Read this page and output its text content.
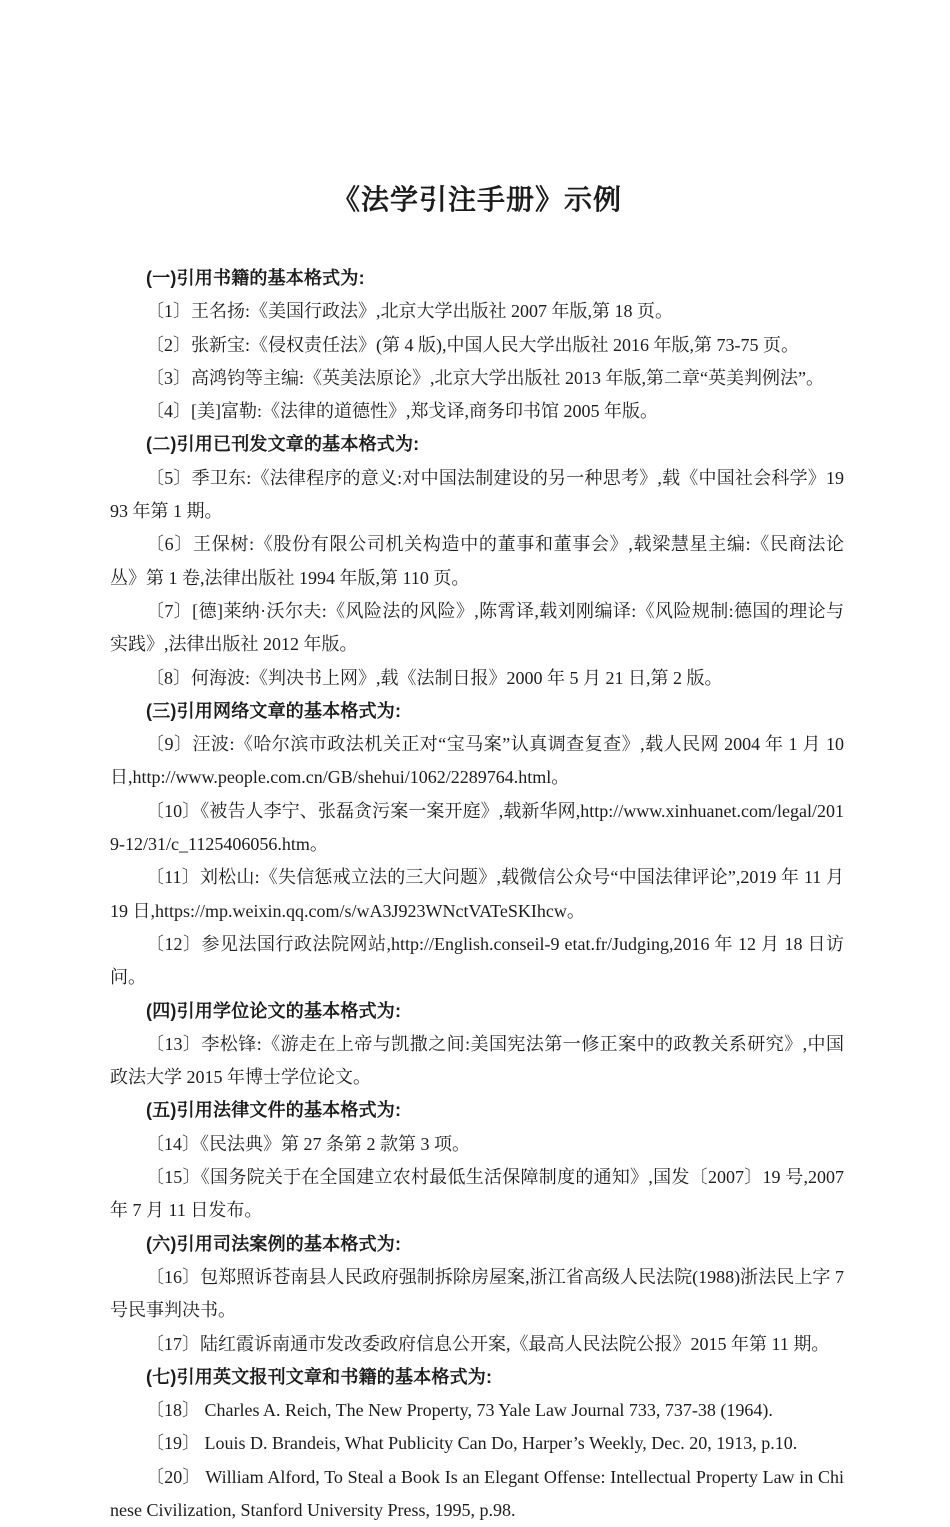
《法学引注手册》示例

(一)引用书籍的基本格式为:

〔1〕王名扬:《美国行政法》,北京大学出版社 2007 年版,第 18 页。

〔2〕张新宝:《侵权责任法》(第 4 版),中国人民大学出版社 2016 年版,第 73-75 页。

〔3〕高鸿钧等主编:《英美法原论》,北京大学出版社 2013 年版,第二章“英美判例法”。

〔4〕[美]富勒:《法律的道德性》,郑戈译,商务印书馆 2005 年版。

(二)引用已刊发文章的基本格式为:

〔5〕季卫东:《法律程序的意义:对中国法制建设的另一种思考》,载《中国社会科学》1993 年第 1 期。

〔6〕王保树:《股份有限公司机关构造中的董事和董事会》,载梁慧星主编:《民商法论丛》第 1 卷,法律出版社 1994 年版,第 110 页。

〔7〕[德]莱纳·沃尔夫:《风险法的风险》,陈霄译,载刘刚编译:《风险规制:德国的理论与实践》,法律出版社 2012 年版。

〔8〕何海波:《判决书上网》,载《法制日报》2000 年 5 月 21 日,第 2 版。

(三)引用网络文章的基本格式为:

〔9〕汪波:《哈尔滨市政法机关正对“宝马案”认真调查复查》,载人民网 2004 年 1 月 10 日,http://www.people.com.cn/GB/shehui/1062/2289764.html。

〔10〕《被告人李宁、张磊贪污案一案开庭》,载新华网,http://www.xinhuanet.com/legal/2019-12/31/c_1125406056.htm。

〔11〕刘松山:《失信惩戒立法的三大问题》,载微信公众号“中国法律评论”,2019 年 11 月 19 日,https://mp.weixin.qq.com/s/wA3J923WNctVATeSKIhcw。

〔12〕参见法国行政法院网站,http://English.conseil-9 etat.fr/Judging,2016 年 12 月 18 日访问。

(四)引用学位论文的基本格式为:

〔13〕李松锋:《游走在上帝与凯撒之间:美国宪法第一修正案中的政教关系研究》,中国政法大学 2015 年博士学位论文。

(五)引用法律文件的基本格式为:

〔14〕《民法典》第 27 条第 2 款第 3 项。

〔15〕《国务院关于在全国建立农村最低生活保障制度的通知》,国发〔2007〕19 号,2007 年 7 月 11 日发布。

(六)引用司法案例的基本格式为:

〔16〕包郑照诉苍南县人民政府强制拆除房屋案,浙江省高级人民法院(1988)浙法民上字 7 号民事判决书。

〔17〕陆红霞诉南通市发改委政府信息公开案,《最高人民法院公报》2015 年第 11 期。

(七)引用英文报刊文章和书籍的基本格式为:

〔18〕 Charles A. Reich, The New Property, 73 Yale Law Journal 733, 737-38 (1964).

〔19〕 Louis D. Brandeis, What Publicity Can Do, Harper’s Weekly, Dec. 20, 1913, p.10.

〔20〕 William Alford, To Steal a Book Is an Elegant Offense: Intellectual Property Law in Chinese Civilization, Stanford University Press, 1995, p.98.
